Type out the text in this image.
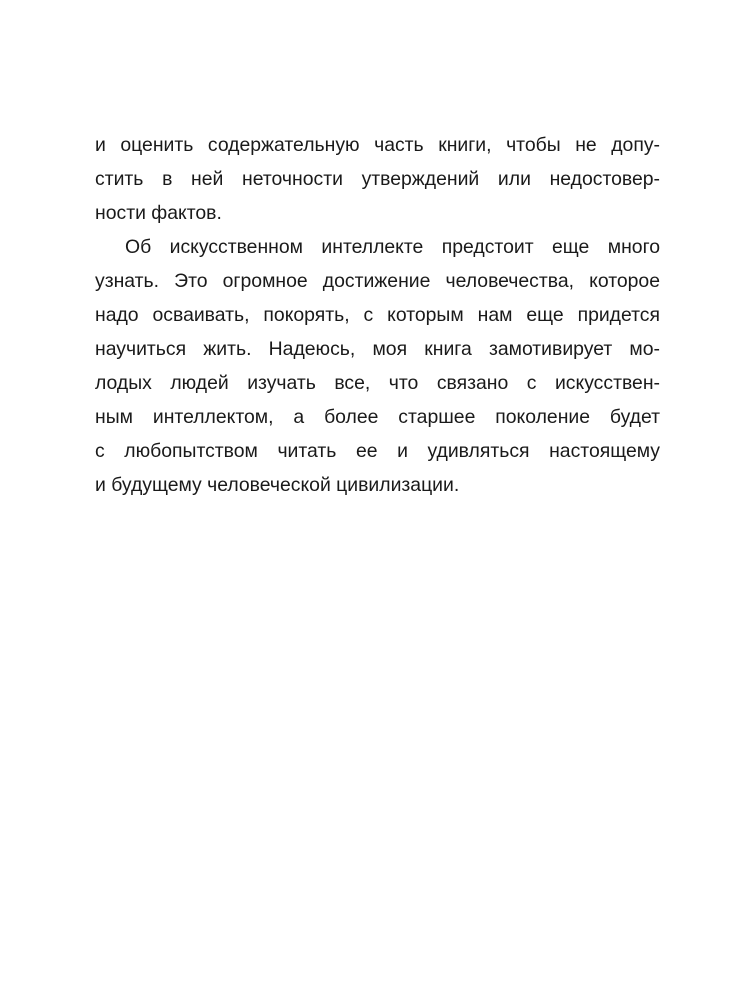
и оценить содержательную часть книги, чтобы не допу-
стить в ней неточности утверждений или недостовер-
ности фактов.
Об искусственном интеллекте предстоит еще много
узнать. Это огромное достижение человечества, которое
надо осваивать, покорять, с которым нам еще придется
научиться жить. Надеюсь, моя книга замотивирует мо-
лодых людей изучать все, что связано с искусствен-
ным интеллектом, а более старшее поколение будет
с любопытством читать ее и удивляться настоящему
и будущему человеческой цивилизации.
